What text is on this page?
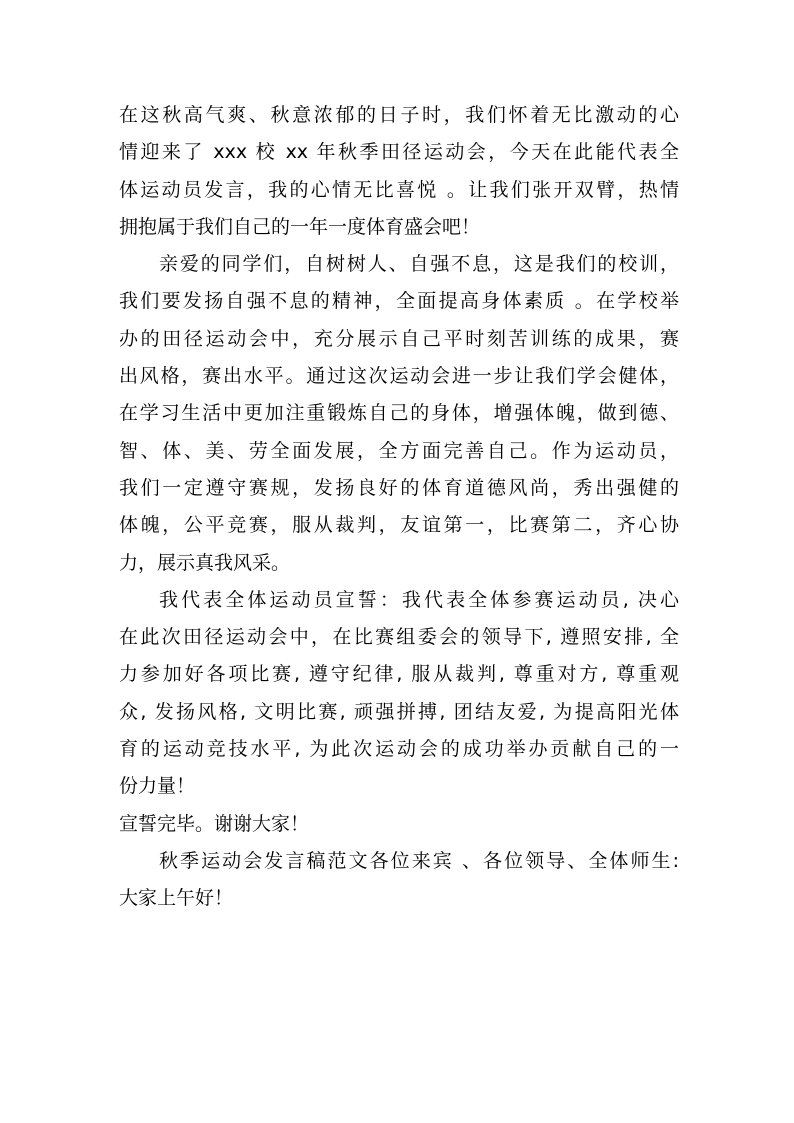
在这秋高气爽、秋意浓郁的日子时，我们怀着无比激动的心
情迎来了 xxx 校 xx 年秋季田径运动会，今天在此能代表全
体运动员发言，我的心情无比喜悦 。让我们张开双臂，热情
拥抱属于我们自己的一年一度体育盛会吧！
亲爱的同学们，自树树人、自强不息，这是我们的校训，
我们要发扬自强不息的精神，全面提高身体素质 。在学校举
办的田径运动会中，充分展示自己平时刻苦训练的成果，赛
出风格，赛出水平。通过这次运动会进一步让我们学会健体，
在学习生活中更加注重锻炼自己的身体，增强体魄，做到德、
智、体、美、劳全面发展，全方面完善自己。作为运动员，
我们一定遵守赛规，发扬良好的体育道德风尚，秀出强健的
体魄，公平竞赛，服从裁判，友谊第一，比赛第二，齐心协
力，展示真我风采。
我代表全体运动员宣誓：我代表全体参赛运动员, 决心
在此次田径运动会中，在比赛组委会的领导下, 遵照安排, 全
力参加好各项比赛, 遵守纪律, 服从裁判, 尊重对方, 尊重观
众, 发扬风格, 文明比赛, 顽强拼搏, 团结友爱, 为提高阳光体
育的运动竞技水平, 为此次运动会的成功举办贡献自己的一
份力量！
宣誓完毕。谢谢大家！
秋季运动会发言稿范文各位来宾 、各位领导、全体师生:
大家上午好！
